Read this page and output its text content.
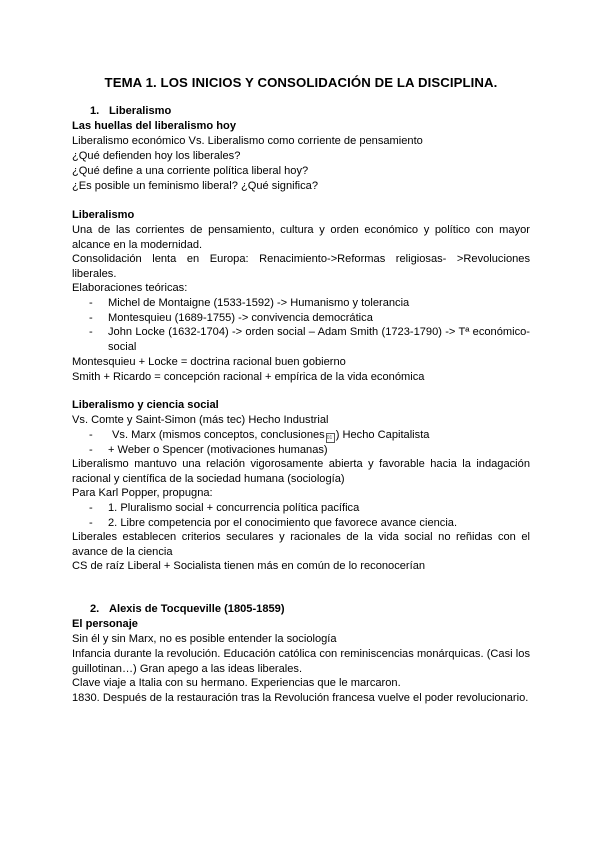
TEMA 1. LOS INICIOS Y CONSOLIDACIÓN DE LA DISCIPLINA.
1. Liberalismo
Las huellas del liberalismo hoy
Liberalismo económico Vs. Liberalismo como corriente de pensamiento
¿Qué defienden hoy los liberales?
¿Qué define a una corriente política liberal hoy?
¿Es posible un feminismo liberal? ¿Qué significa?
Liberalismo
Una de las corrientes de pensamiento, cultura y orden económico y político con mayor alcance en la modernidad.
Consolidación lenta en Europa: Renacimiento->Reformas religiosas- >Revoluciones liberales.
Elaboraciones teóricas:
- Michel de Montaigne (1533-1592) -> Humanismo y tolerancia
- Montesquieu (1689-1755) -> convivencia democrática
- John Locke (1632-1704) -> orden social – Adam Smith (1723-1790) -> Tª económico-social
Montesquieu + Locke = doctrina racional buen gobierno
Smith + Ricardo = concepción racional + empírica de la vida económica
Liberalismo y ciencia social
Vs. Comte y Saint-Simon (más tec) Hecho Industrial
- Vs. Marx (mismos conceptos, conclusiones 01 ) Hecho Capitalista
- + Weber o Spencer (motivaciones humanas)
Liberalismo mantuvo una relación vigorosamente abierta y favorable hacia la indagación racional y científica de la sociedad humana (sociología)
Para Karl Popper, propugna:
- 1. Pluralismo social + concurrencia política pacífica
- 2. Libre competencia por el conocimiento que favorece avance ciencia.
Liberales establecen criterios seculares y racionales de la vida social no reñidas con el avance de la ciencia
CS de raíz Liberal + Socialista tienen más en común de lo reconocerían
2. Alexis de Tocqueville (1805-1859)
El personaje
Sin él y sin Marx, no es posible entender la sociología
Infancia durante la revolución. Educación católica con reminiscencias monárquicas. (Casi los guillotinan…) Gran apego a las ideas liberales.
Clave viaje a Italia con su hermano. Experiencias que le marcaron.
1830. Después de la restauración tras la Revolución francesa vuelve el poder revolucionario.
